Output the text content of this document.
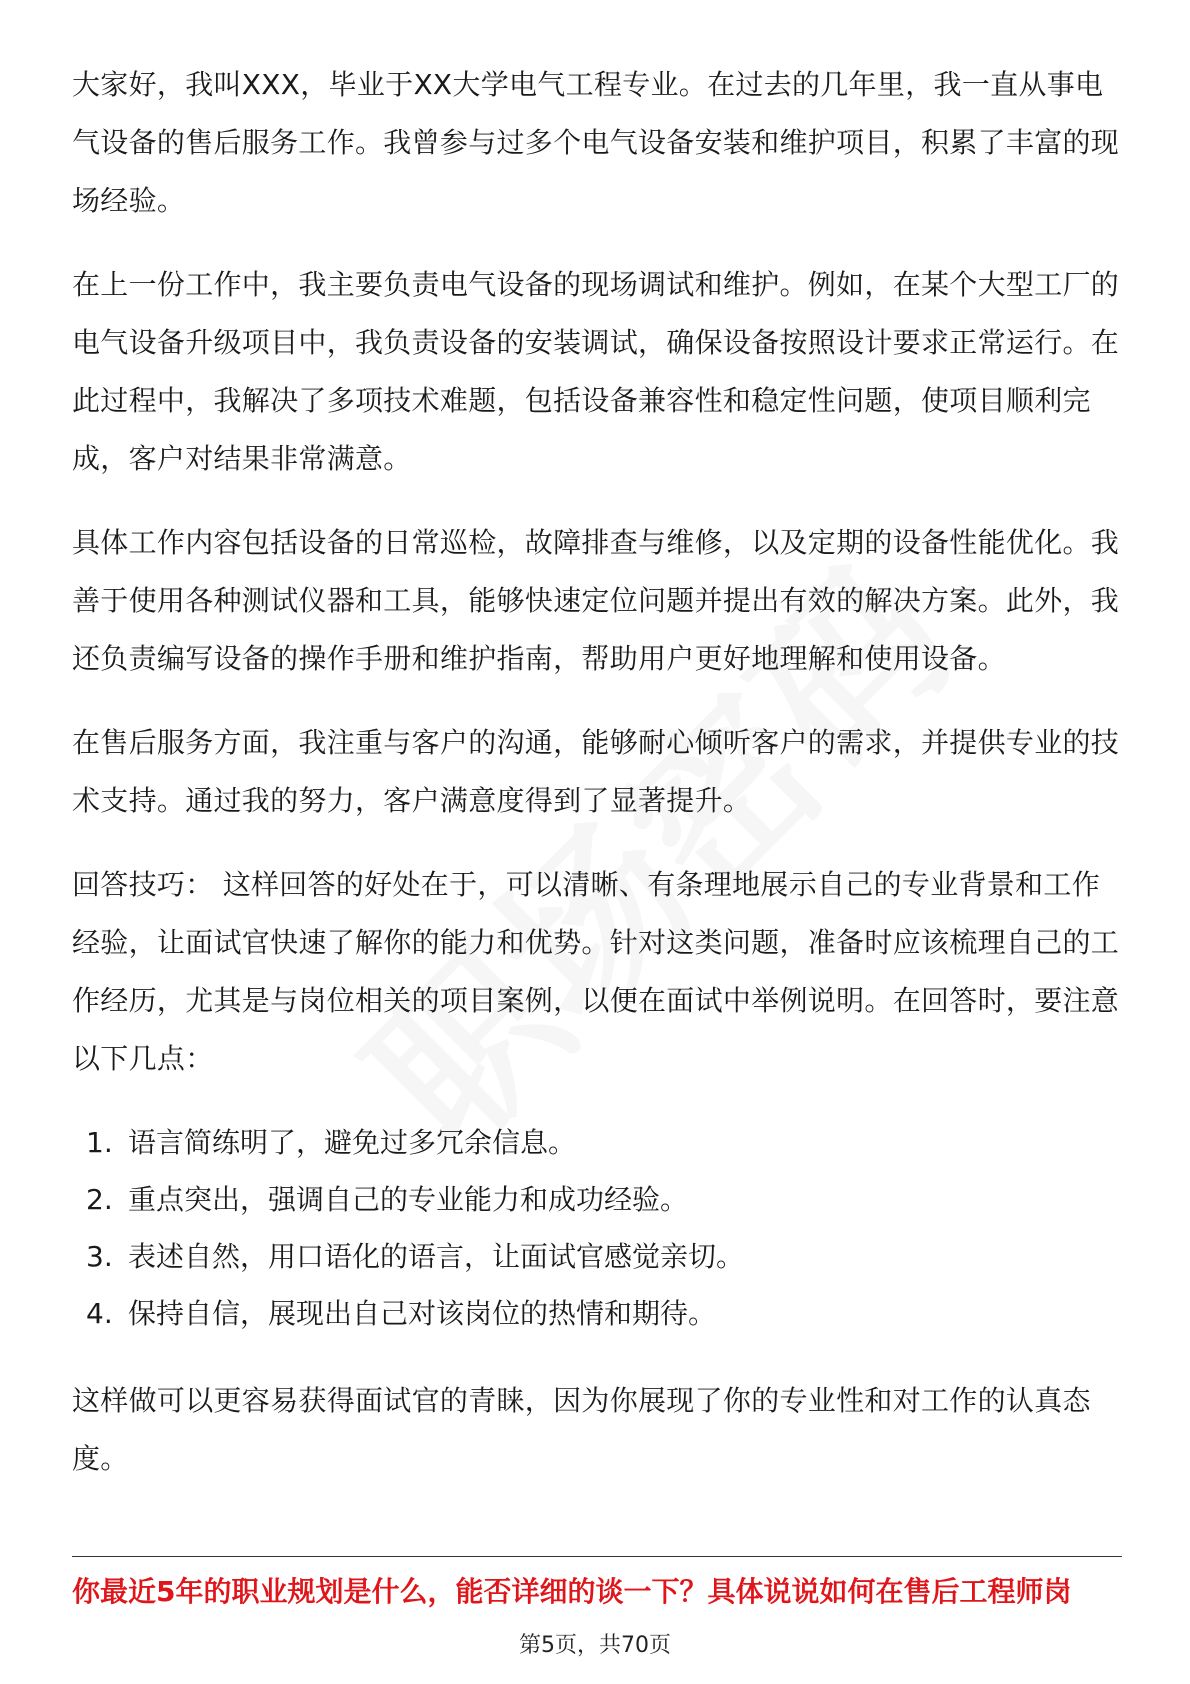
大家好，我叫XXX，毕业于XX大学电气工程专业。在过去的几年里，我一直从事电气设备的售后服务工作。我曾参与过多个电气设备安装和维护项目，积累了丰富的现场经验。

在上一份工作中，我主要负责电气设备的现场调试和维护。例如，在某个大型工厂的电气设备升级项目中，我负责设备的安装调试，确保设备按照设计要求正常运行。在此过程中，我解决了多项技术难题，包括设备兼容性和稳定性问题，使项目顺利完成，客户对结果非常满意。

具体工作内容包括设备的日常巡检，故障排查与维修，以及定期的设备性能优化。我善于使用各种测试仪器和工具，能够快速定位问题并提出有效的解决方案。此外，我还负责编写设备的操作手册和维护指南，帮助用户更好地理解和使用设备。

在售后服务方面，我注重与客户的沟通，能够耐心倾听客户的需求，并提供专业的技术支持。通过我的努力，客户满意度得到了显著提升。

回答技巧： 这样回答的好处在于，可以清晰、有条理地展示自己的专业背景和工作经验，让面试官快速了解你的能力和优势。针对这类问题，准备时应该梳理自己的工作经历，尤其是与岗位相关的项目案例，以便在面试中举例说明。在回答时，要注意以下几点：

1. 语言简练明了，避免过多冗余信息。
2. 重点突出，强调自己的专业能力和成功经验。
3. 表述自然，用口语化的语言，让面试官感觉亲切。
4. 保持自信，展现出自己对该岗位的热情和期待。

这样做可以更容易获得面试官的青睐，因为你展现了你的专业性和对工作的认真态度。

你最近5年的职业规划是什么，能否详细的谈一下？具体说说如何在售后工程师岗
第5页，共70页
